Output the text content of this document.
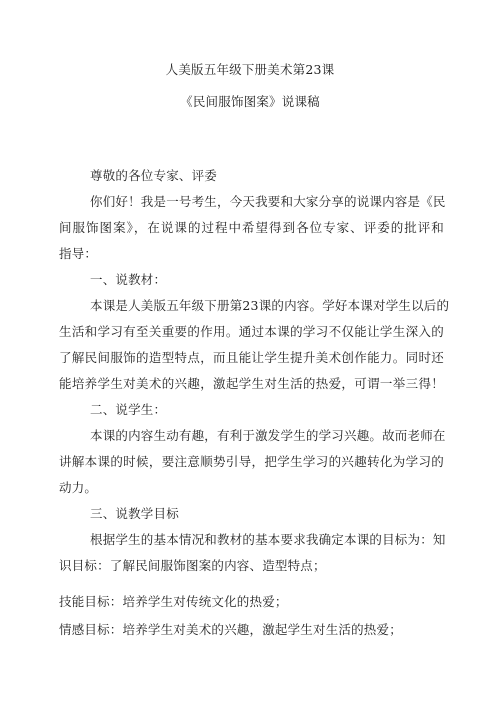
人美版五年级下册美术第23课
《民间服饰图案》说课稿
尊敬的各位专家、评委
你们好！我是一号考生，今天我要和大家分享的说课内容是《民
间服饰图案》，在说课的过程中希望得到各位专家、评委的批评和
指导：
一、说教材：
本课是人美版五年级下册第23课的内容。学好本课对学生以后的
生活和学习有至关重要的作用。通过本课的学习不仅能让学生深入的
了解民间服饰的造型特点，而且能让学生提升美术创作能力。同时还
能培养学生对美术的兴趣，激起学生对生活的热爱，可谓一举三得！
二、说学生：
本课的内容生动有趣，有利于激发学生的学习兴趣。故而老师在
讲解本课的时候，要注意顺势引导，把学生学习的兴趣转化为学习的
动力。
三、说教学目标
根据学生的基本情况和教材的基本要求我确定本课的目标为：知
识目标：了解民间服饰图案的内容、造型特点；
技能目标：培养学生对传统文化的热爱；
情感目标：培养学生对美术的兴趣，激起学生对生活的热爱；
